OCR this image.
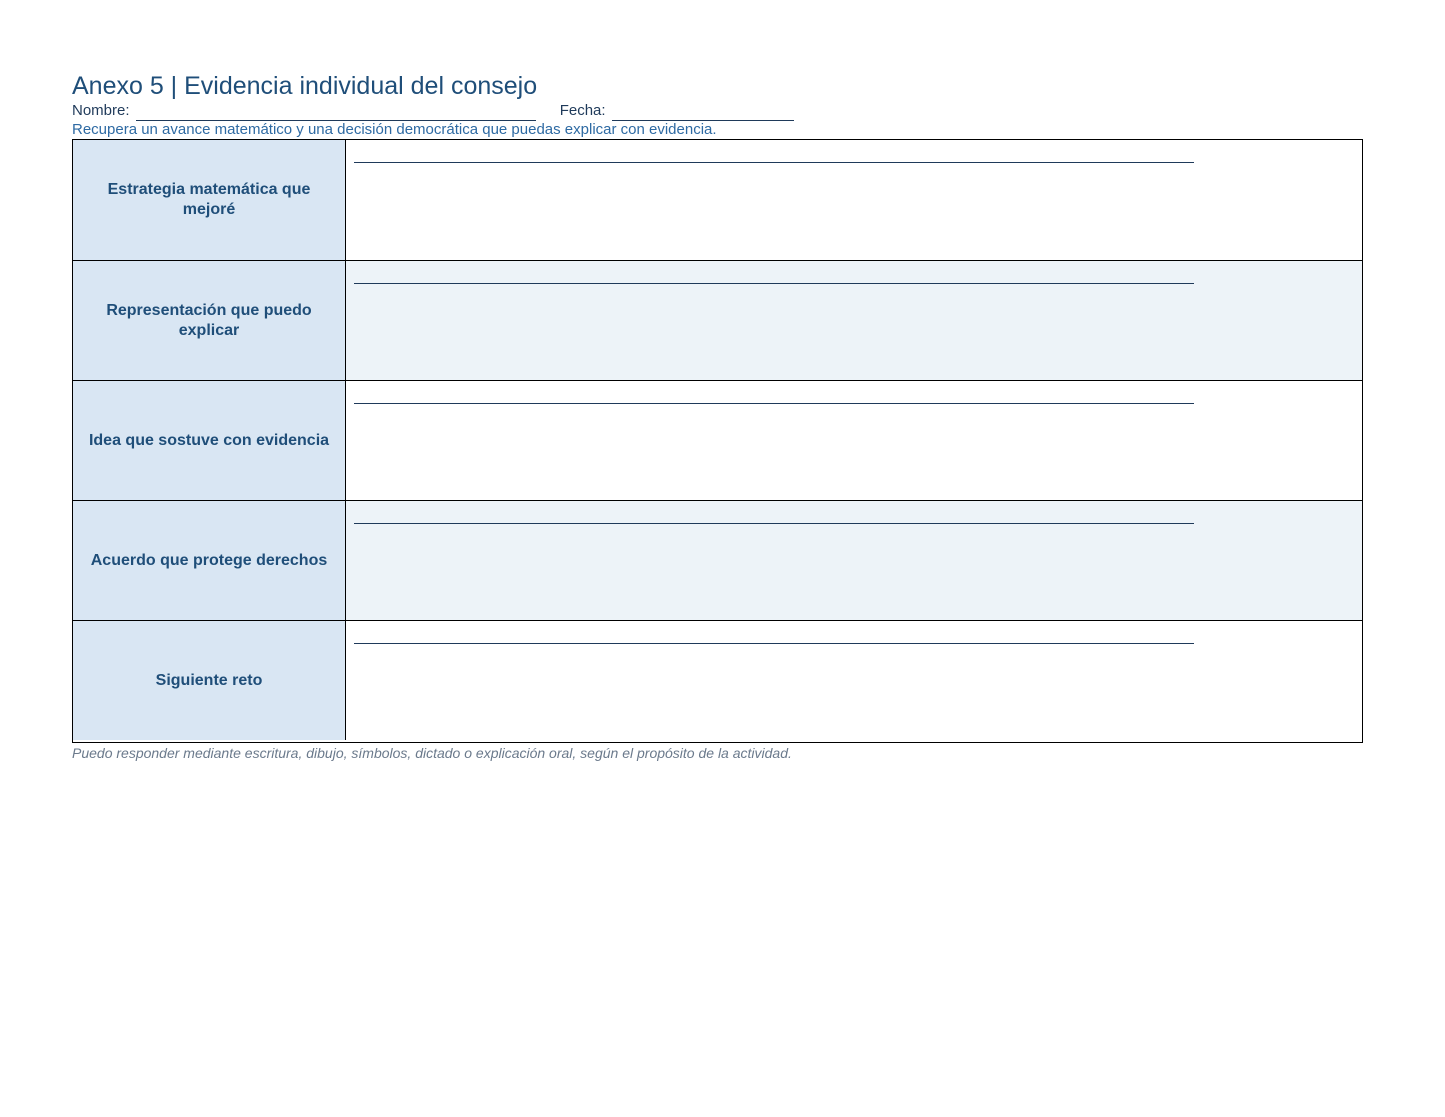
Anexo 5 | Evidencia individual del consejo
Nombre:	Fecha:
Recupera un avance matemático y una decisión democrática que puedas explicar con evidencia.
Estrategia matemática que mejoré
Representación que puedo explicar
Idea que sostuve con evidencia
Acuerdo que protege derechos
Siguiente reto
Puedo responder mediante escritura, dibujo, símbolos, dictado o explicación oral, según el propósito de la actividad.
